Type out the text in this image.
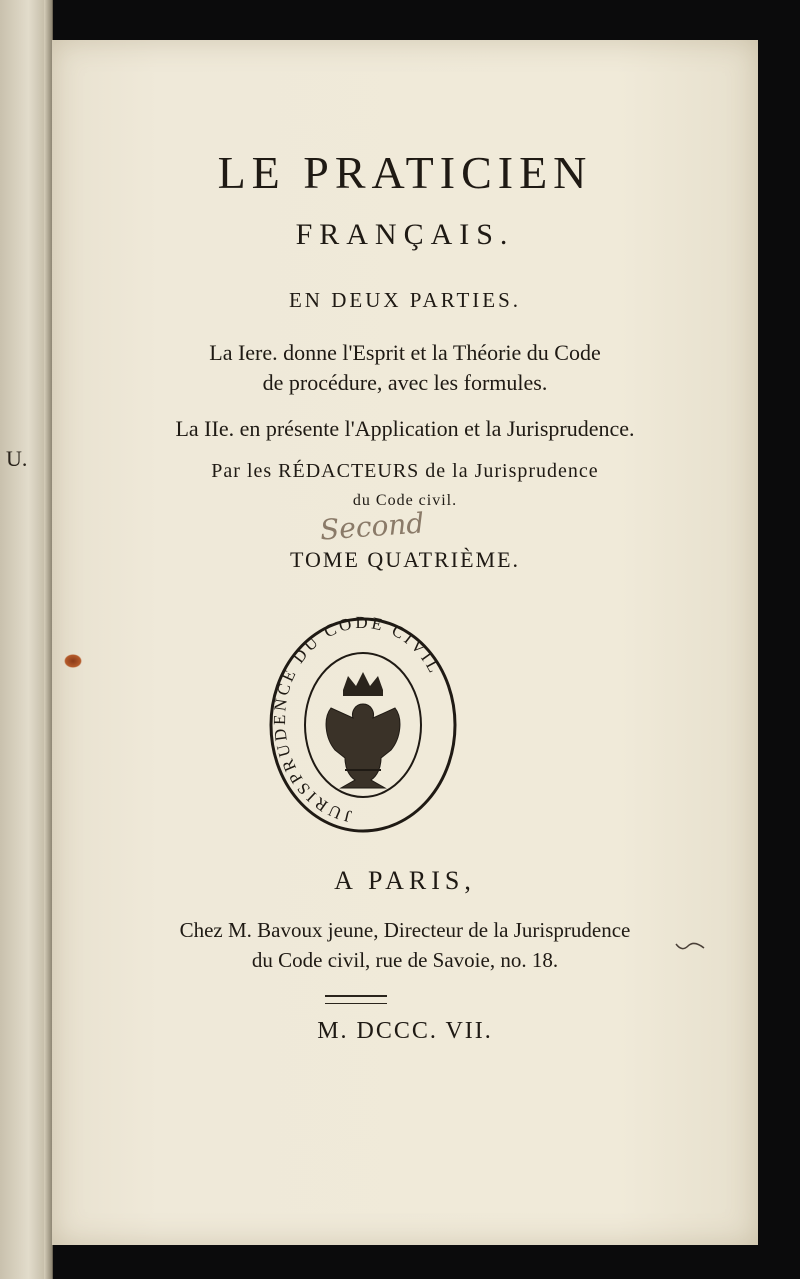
U.
LE PRATICIEN
FRANÇAIS.
EN DEUX PARTIES.
La Iere. donne l'Esprit et la Théorie du Code
de procédure, avec les formules.
La IIe. en présente l'Application et la Jurisprudence.
Par les RÉDACTEURS de la Jurisprudence
du Code civil.
Second
TOME QUATRIÈME.
JURISPRUDENCE DU CODE CIVIL
A PARIS,
Chez M. Bavoux jeune, Directeur de la Jurisprudence
du Code civil, rue de Savoie, no. 18.
M. DCCC. VII.
